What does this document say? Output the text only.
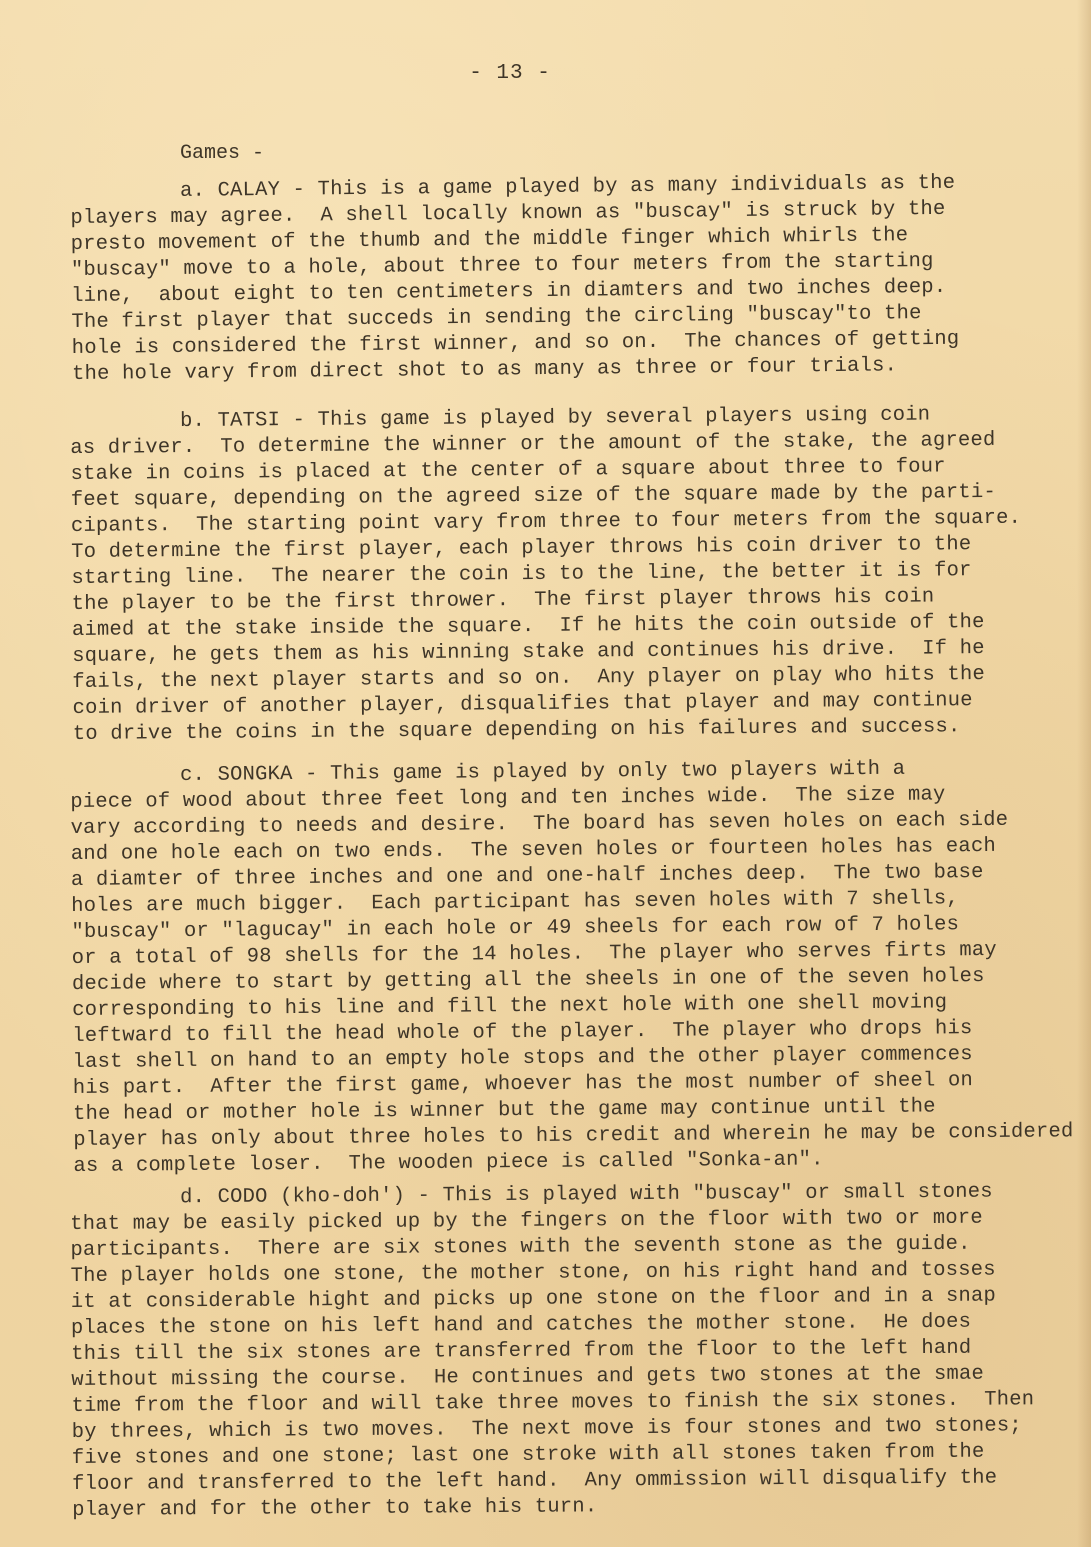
- 13 -
Games -
a. CALAY - This is a game played by as many individuals as the
players may agree.  A shell locally known as "buscay" is struck by the
presto movement of the thumb and the middle finger which whirls the
"buscay" move to a hole, about three to four meters from the starting
line,  about eight to ten centimeters in diamters and two inches deep.
The first player that succeds in sending the circling "buscay"to the
hole is considered the first winner, and so on.  The chances of getting
the hole vary from direct shot to as many as three or four trials.
b. TATSI - This game is played by several players using coin
as driver.  To determine the winner or the amount of the stake, the agreed
stake in coins is placed at the center of a square about three to four
feet square, depending on the agreed size of the square made by the parti-
cipants.  The starting point vary from three to four meters from the square.
To determine the first player, each player throws his coin driver to the
starting line.  The nearer the coin is to the line, the better it is for
the player to be the first thrower.  The first player throws his coin
aimed at the stake inside the square.  If he hits the coin outside of the
square, he gets them as his winning stake and continues his drive.  If he
fails, the next player starts and so on.  Any player on play who hits the
coin driver of another player, disqualifies that player and may continue
to drive the coins in the square depending on his failures and success.
c. SONGKA - This game is played by only two players with a
piece of wood about three feet long and ten inches wide.  The size may
vary according to needs and desire.  The board has seven holes on each side
and one hole each on two ends.  The seven holes or fourteen holes has each
a diamter of three inches and one and one-half inches deep.  The two base
holes are much bigger.  Each participant has seven holes with 7 shells,
"buscay" or "lagucay" in each hole or 49 sheels for each row of 7 holes
or a total of 98 shells for the 14 holes.  The player who serves firts may
decide where to start by getting all the sheels in one of the seven holes
corresponding to his line and fill the next hole with one shell moving
leftward to fill the head whole of the player.  The player who drops his
last shell on hand to an empty hole stops and the other player commences
his part.  After the first game, whoever has the most number of sheel on
the head or mother hole is winner but the game may continue until the
player has only about three holes to his credit and wherein he may be considered
as a complete loser.  The wooden piece is called "Sonka-an".
d. CODO (kho-doh') - This is played with "buscay" or small stones
that may be easily picked up by the fingers on the floor with two or more
participants.  There are six stones with the seventh stone as the guide.
The player holds one stone, the mother stone, on his right hand and tosses
it at considerable hight and picks up one stone on the floor and in a snap
places the stone on his left hand and catches the mother stone.  He does
this till the six stones are transferred from the floor to the left hand
without missing the course.  He continues and gets two stones at the smae
time from the floor and will take three moves to finish the six stones.  Then
by threes, which is two moves.  The next move is four stones and two stones;
five stones and one stone; last one stroke with all stones taken from the
floor and transferred to the left hand.  Any ommission will disqualify the
player and for the other to take his turn.
